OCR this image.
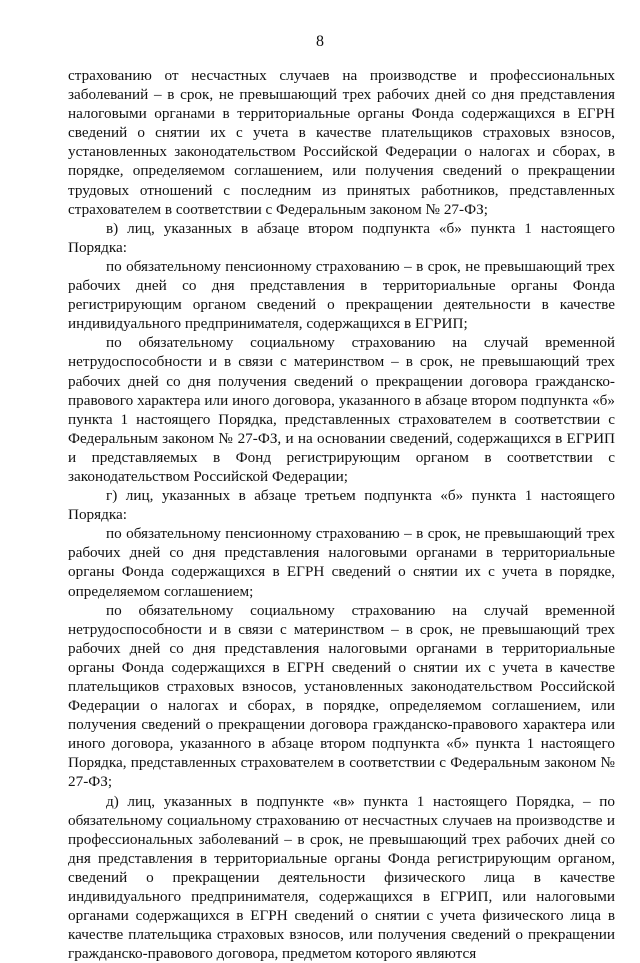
8

страхованию от несчастных случаев на производстве и профессиональных заболеваний – в срок, не превышающий трех рабочих дней со дня представления налоговыми органами в территориальные органы Фонда содержащихся в ЕГРН сведений о снятии их с учета в качестве плательщиков страховых взносов, установленных законодательством Российской Федерации о налогах и сборах, в порядке, определяемом соглашением, или получения сведений о прекращении трудовых отношений с последним из принятых работников, представленных страхователем в соответствии с Федеральным законом № 27-ФЗ;

в) лиц, указанных в абзаце втором подпункта «б» пункта 1 настоящего Порядка:

по обязательному пенсионному страхованию – в срок, не превышающий трех рабочих дней со дня представления в территориальные органы Фонда регистрирующим органом сведений о прекращении деятельности в качестве индивидуального предпринимателя, содержащихся в ЕГРИП;

по обязательному социальному страхованию на случай временной нетрудоспособности и в связи с материнством – в срок, не превышающий трех рабочих дней со дня получения сведений о прекращении договора гражданско-правового характера или иного договора, указанного в абзаце втором подпункта «б» пункта 1 настоящего Порядка, представленных страхователем в соответствии с Федеральным законом № 27-ФЗ, и на основании сведений, содержащихся в ЕГРИП и представляемых в Фонд регистрирующим органом в соответствии с законодательством Российской Федерации;

г) лиц, указанных в абзаце третьем подпункта «б» пункта 1 настоящего Порядка:

по обязательному пенсионному страхованию – в срок, не превышающий трех рабочих дней со дня представления налоговыми органами в территориальные органы Фонда содержащихся в ЕГРН сведений о снятии их с учета в порядке, определяемом соглашением;

по обязательному социальному страхованию на случай временной нетрудоспособности и в связи с материнством – в срок, не превышающий трех рабочих дней со дня представления налоговыми органами в территориальные органы Фонда содержащихся в ЕГРН сведений о снятии их с учета в качестве плательщиков страховых взносов, установленных законодательством Российской Федерации о налогах и сборах, в порядке, определяемом соглашением, или получения сведений о прекращении договора гражданско-правового характера или иного договора, указанного в абзаце втором подпункта «б» пункта 1 настоящего Порядка, представленных страхователем в соответствии с Федеральным законом № 27-ФЗ;

д) лиц, указанных в подпункте «в» пункта 1 настоящего Порядка, – по обязательному социальному страхованию от несчастных случаев на производстве и профессиональных заболеваний – в срок, не превышающий трех рабочих дней со дня представления в территориальные органы Фонда регистрирующим органом, сведений о прекращении деятельности физического лица в качестве индивидуального предпринимателя, содержащихся в ЕГРИП, или налоговыми органами содержащихся в ЕГРН сведений о снятии с учета физического лица в качестве плательщика страховых взносов, или получения сведений о прекращении гражданско-правового договора, предметом которого являются
